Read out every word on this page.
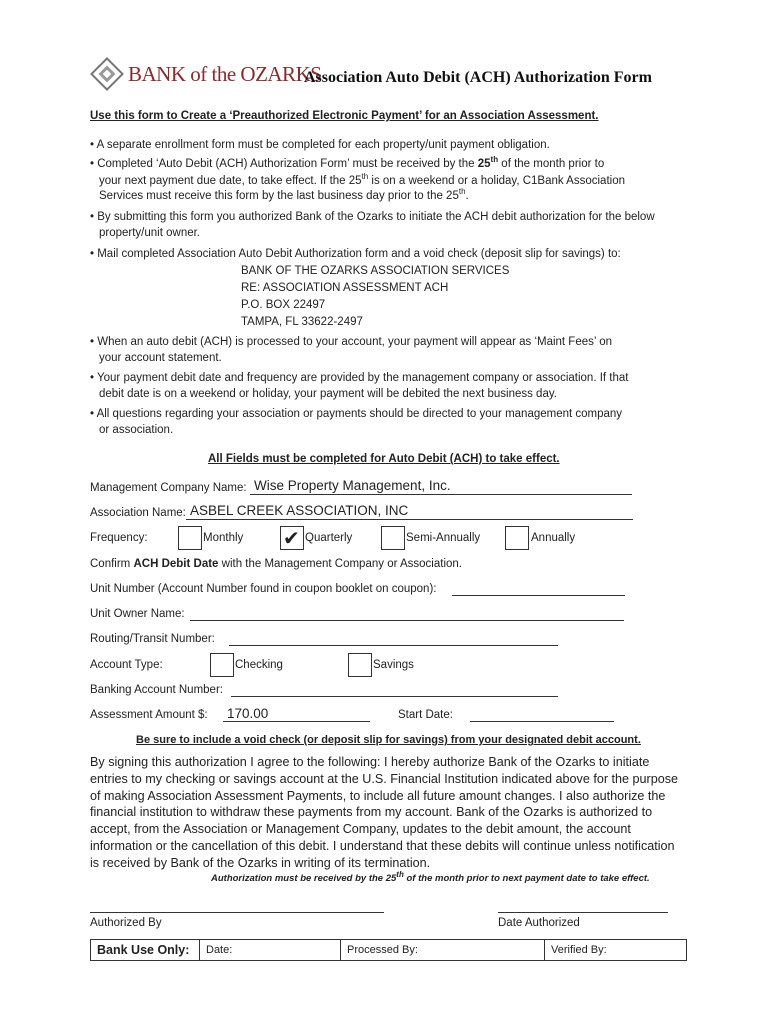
BANK of the OZARKS
Association Auto Debit (ACH) Authorization Form
Use this form to Create a ‘Preauthorized Electronic Payment’ for an Association Assessment.
• A separate enrollment form must be completed for each property/unit payment obligation.
• Completed ‘Auto Debit (ACH) Authorization Form’ must be received by the 25th of the month prior to
your next payment due date, to take effect. If the 25th is on a weekend or a holiday, C1Bank Association
Services must receive this form by the last business day prior to the 25th.
• By submitting this form you authorized Bank of the Ozarks to initiate the ACH debit authorization for the below
property/unit owner.
• Mail completed Association Auto Debit Authorization form and a void check (deposit slip for savings) to:
BANK OF THE OZARKS ASSOCIATION SERVICES
RE: ASSOCIATION ASSESSMENT ACH
P.O. BOX 22497
TAMPA, FL 33622-2497
• When an auto debit (ACH) is processed to your account, your payment will appear as ‘Maint Fees’ on
your account statement.
• Your payment debit date and frequency are provided by the management company or association. If that
debit date is on a weekend or holiday, your payment will be debited the next business day.
• All questions regarding your association or payments should be directed to your management company
or association.
All Fields must be completed for Auto Debit (ACH) to take effect.
Management Company Name: Wise Property Management, Inc.
Association Name: ASBEL CREEK ASSOCIATION, INC
Frequency:	Monthly ✔ Quarterly	Semi-Annually	Annually
Confirm ACH Debit Date with the Management Company or Association.
Unit Number (Account Number found in coupon booklet on coupon):
Unit Owner Name:
Routing/Transit Number:
Account Type:	Checking	Savings
Banking Account Number:
Assessment Amount $: 170.00	Start Date:
Be sure to include a void check (or deposit slip for savings) from your designated debit account.
By signing this authorization I agree to the following: I hereby authorize Bank of the Ozarks to initiate entries to my checking or savings account at the U.S. Financial Institution indicated above for the purpose of making Association Assessment Payments, to include all future amount changes. I also authorize the financial institution to withdraw these payments from my account. Bank of the Ozarks is authorized to accept, from the Association or Management Company, updates to the debit amount, the account information or the cancellation of this debit. I understand that these debits will continue unless notification is received by Bank of the Ozarks in writing of its termination.
Authorization must be received by the 25th of the month prior to next payment date to take effect.
Authorized By	Date Authorized
Bank Use Only:	Date:	Processed By:	Verified By:
